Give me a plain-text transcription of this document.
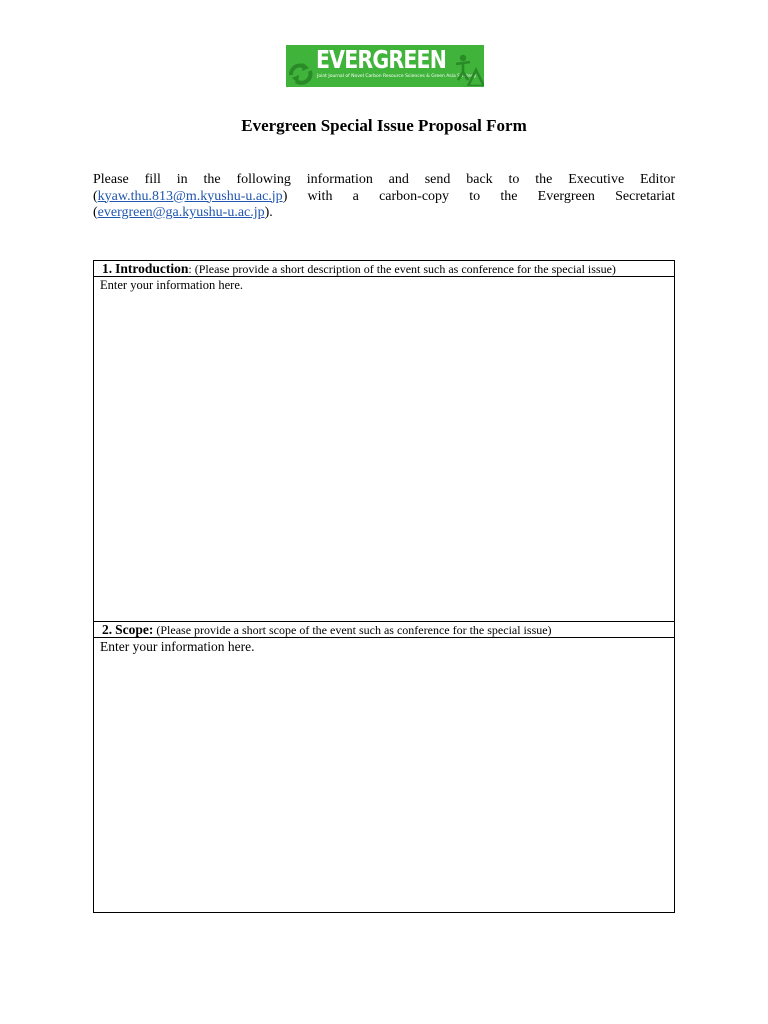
EVERGREEN
Joint Journal of Novel Carbon Resource Sciences & Green Asia Strategy
Evergreen Special Issue Proposal Form
Please fill in the following information and send back to the Executive Editor
(kyaw.thu.813@m.kyushu-u.ac.jp) with a carbon-copy to the Evergreen Secretariat
(evergreen@ga.kyushu-u.ac.jp).
1. Introduction: (Please provide a short description of the event such as conference for the special issue)
Enter your information here.
2. Scope: (Please provide a short scope of the event such as conference for the special issue)
Enter your information here.
